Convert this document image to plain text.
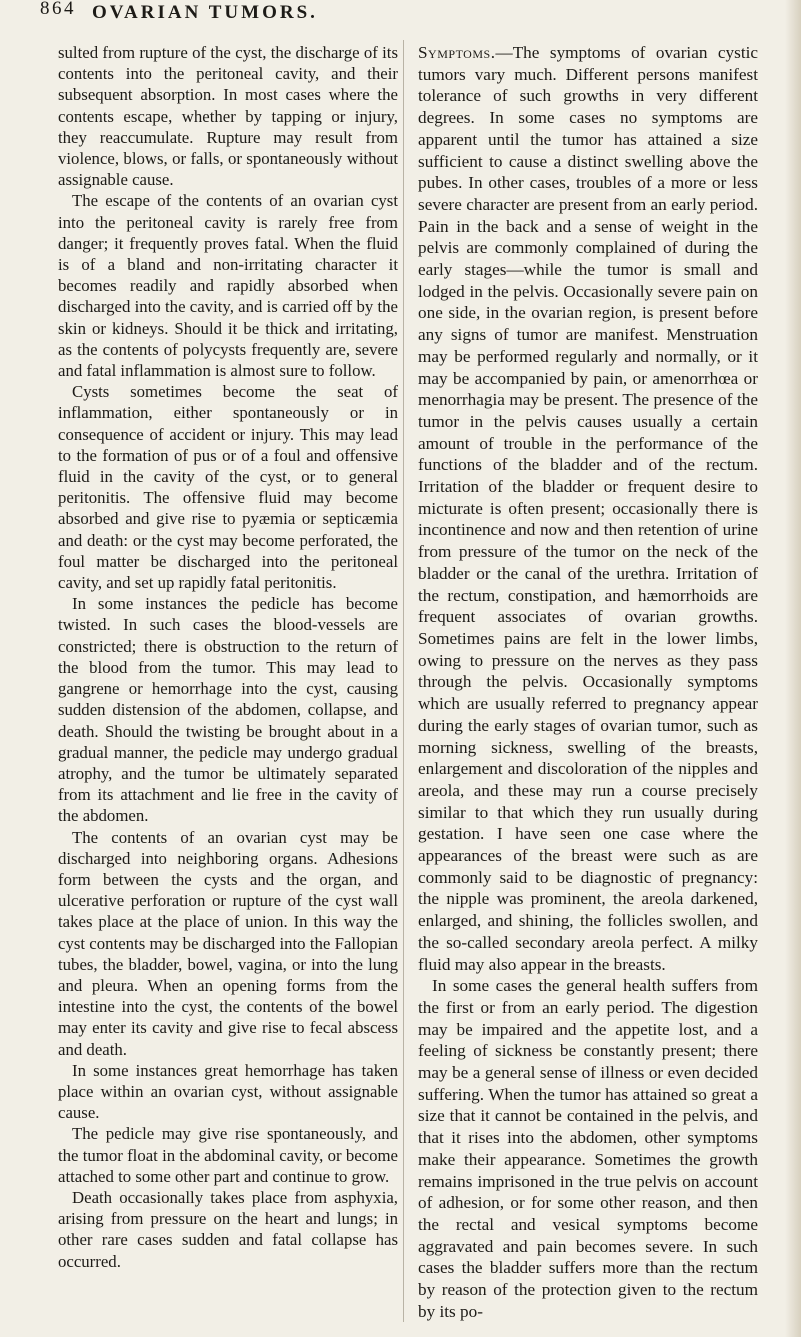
864 OVARIAN TUMORS.

sulted from rupture of the cyst, the discharge of its contents into the peritoneal cavity, and their subsequent absorption. In most cases where the contents escape, whether by tapping or injury, they reaccumulate. Rupture may result from violence, blows, or falls, or spontaneously without assignable cause.

The escape of the contents of an ovarian cyst into the peritoneal cavity is rarely free from danger; it frequently proves fatal. When the fluid is of a bland and non-irritating character it becomes readily and rapidly absorbed when discharged into the cavity, and is carried off by the skin or kidneys. Should it be thick and irritating, as the contents of polycysts frequently are, severe and fatal inflammation is almost sure to follow.

Cysts sometimes become the seat of inflammation, either spontaneously or in consequence of accident or injury. This may lead to the formation of pus or of a foul and offensive fluid in the cavity of the cyst, or to general peritonitis. The offensive fluid may become absorbed and give rise to pyæmia or septicæmia and death: or the cyst may become perforated, the foul matter be discharged into the peritoneal cavity, and set up rapidly fatal peritonitis.

In some instances the pedicle has become twisted. In such cases the blood-vessels are constricted; there is obstruction to the return of the blood from the tumor. This may lead to gangrene or hemorrhage into the cyst, causing sudden distension of the abdomen, collapse, and death. Should the twisting be brought about in a gradual manner, the pedicle may undergo gradual atrophy, and the tumor be ultimately separated from its attachment and lie free in the cavity of the abdomen.

The contents of an ovarian cyst may be discharged into neighboring organs. Adhesions form between the cysts and the organ, and ulcerative perforation or rupture of the cyst wall takes place at the place of union. In this way the cyst contents may be discharged into the Fallopian tubes, the bladder, bowel, vagina, or into the lung and pleura. When an opening forms from the intestine into the cyst, the contents of the bowel may enter its cavity and give rise to fecal abscess and death.

In some instances great hemorrhage has taken place within an ovarian cyst, without assignable cause.

The pedicle may give rise spontaneously, and the tumor float in the abdominal cavity, or become attached to some other part and continue to grow.

Death occasionally takes place from asphyxia, arising from pressure on the heart and lungs; in other rare cases sudden and fatal collapse has occurred.

Symptoms.—The symptoms of ovarian cystic tumors vary much. Different persons manifest tolerance of such growths in very different degrees. In some cases no symptoms are apparent until the tumor has attained a size sufficient to cause a distinct swelling above the pubes. In other cases, troubles of a more or less severe character are present from an early period. Pain in the back and a sense of weight in the pelvis are commonly complained of during the early stages—while the tumor is small and lodged in the pelvis. Occasionally severe pain on one side, in the ovarian region, is present before any signs of tumor are manifest. Menstruation may be performed regularly and normally, or it may be accompanied by pain, or amenorrhœa or menorrhagia may be present. The presence of the tumor in the pelvis causes usually a certain amount of trouble in the performance of the functions of the bladder and of the rectum. Irritation of the bladder or frequent desire to micturate is often present; occasionally there is incontinence and now and then retention of urine from pressure of the tumor on the neck of the bladder or the canal of the urethra. Irritation of the rectum, constipation, and hæmorrhoids are frequent associates of ovarian growths. Sometimes pains are felt in the lower limbs, owing to pressure on the nerves as they pass through the pelvis. Occasionally symptoms which are usually referred to pregnancy appear during the early stages of ovarian tumor, such as morning sickness, swelling of the breasts, enlargement and discoloration of the nipples and areola, and these may run a course precisely similar to that which they run usually during gestation. I have seen one case where the appearances of the breast were such as are commonly said to be diagnostic of pregnancy: the nipple was prominent, the areola darkened, enlarged, and shining, the follicles swollen, and the so-called secondary areola perfect. A milky fluid may also appear in the breasts.

In some cases the general health suffers from the first or from an early period. The digestion may be impaired and the appetite lost, and a feeling of sickness be constantly present; there may be a general sense of illness or even decided suffering. When the tumor has attained so great a size that it cannot be contained in the pelvis, and that it rises into the abdomen, other symptoms make their appearance. Sometimes the growth remains imprisoned in the true pelvis on account of adhesion, or for some other reason, and then the rectal and vesical symptoms become aggravated and pain becomes severe. In such cases the bladder suffers more than the rectum by reason of the protection given to the rectum by its po-
